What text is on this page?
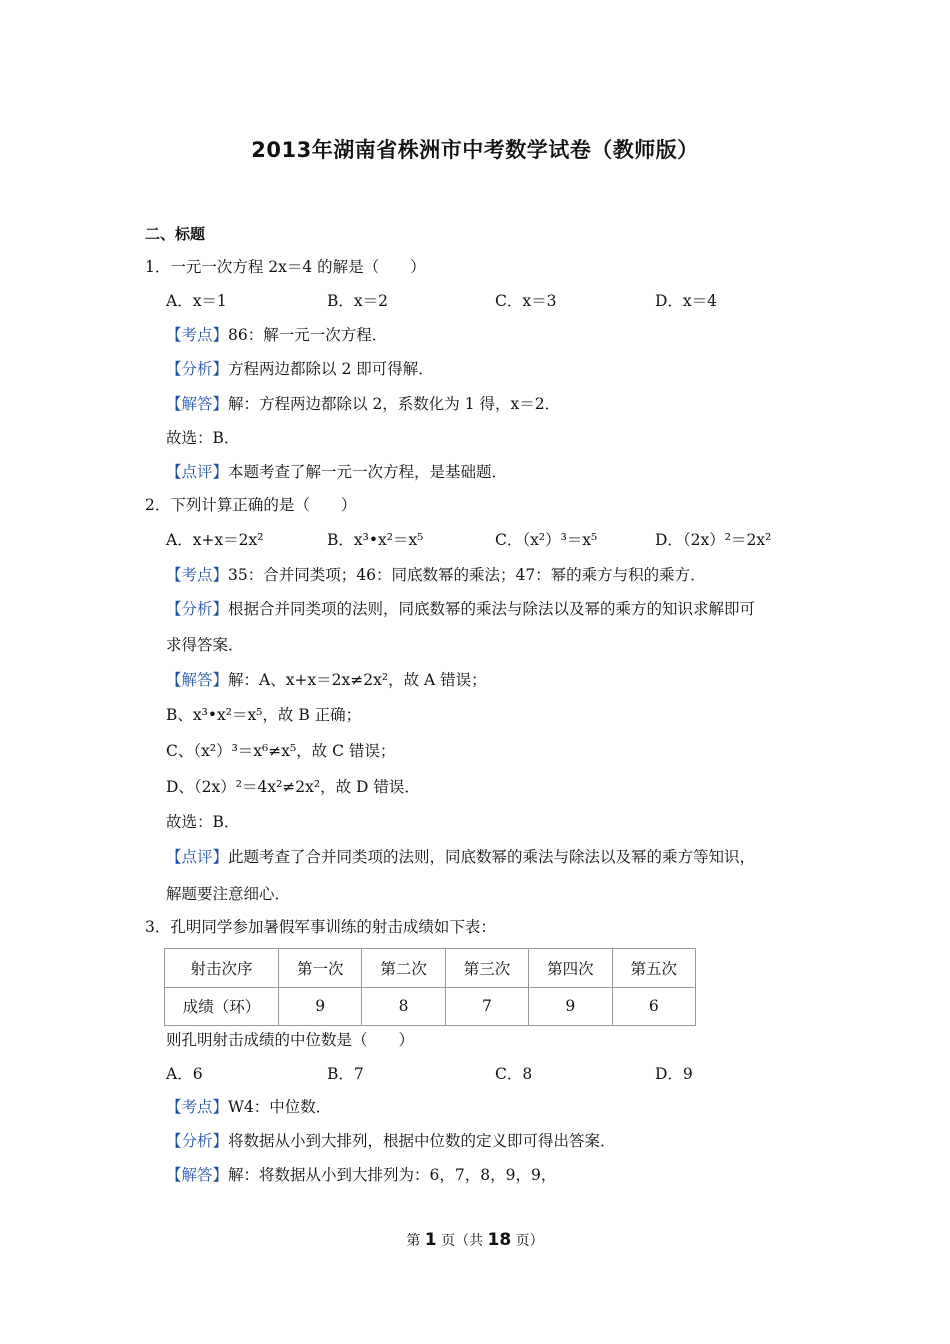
2013年湖南省株洲市中考数学试卷（教师版）
二、标题
1．一元一次方程 2x＝4 的解是（　　）
A．x＝1	B．x＝2	C．x＝3	D．x＝4
【考点】86：解一元一次方程．
【分析】方程两边都除以 2 即可得解．
【解答】解：方程两边都除以 2，系数化为 1 得，x＝2．
故选：B．
【点评】本题考查了解一元一次方程，是基础题．
2．下列计算正确的是（　　）
A．x+x＝2x²	B．x³•x²＝x⁵	C．（x²）³＝x⁵	D．（2x）²＝2x²
【考点】35：合并同类项；46：同底数幂的乘法；47：幂的乘方与积的乘方．
【分析】根据合并同类项的法则，同底数幂的乘法与除法以及幂的乘方的知识求解即可
求得答案．
【解答】解：A、x+x＝2x≠2x²，故 A 错误；
B、x³•x²＝x⁵，故 B 正确；
C、（x²）³＝x⁶≠x⁵，故 C 错误；
D、（2x）²＝4x²≠2x²，故 D 错误．
故选：B．
【点评】此题考查了合并同类项的法则，同底数幂的乘法与除法以及幂的乘方等知识，
解题要注意细心．
3．孔明同学参加暑假军事训练的射击成绩如下表：
射击次序	第一次	第二次	第三次	第四次	第五次
成绩（环）	9	8	7	9	6
则孔明射击成绩的中位数是（　　）
A．6	B．7	C．8	D．9
【考点】W4：中位数．
【分析】将数据从小到大排列，根据中位数的定义即可得出答案．
【解答】解：将数据从小到大排列为：6，7，8，9，9，
第 1 页（共 18 页）
